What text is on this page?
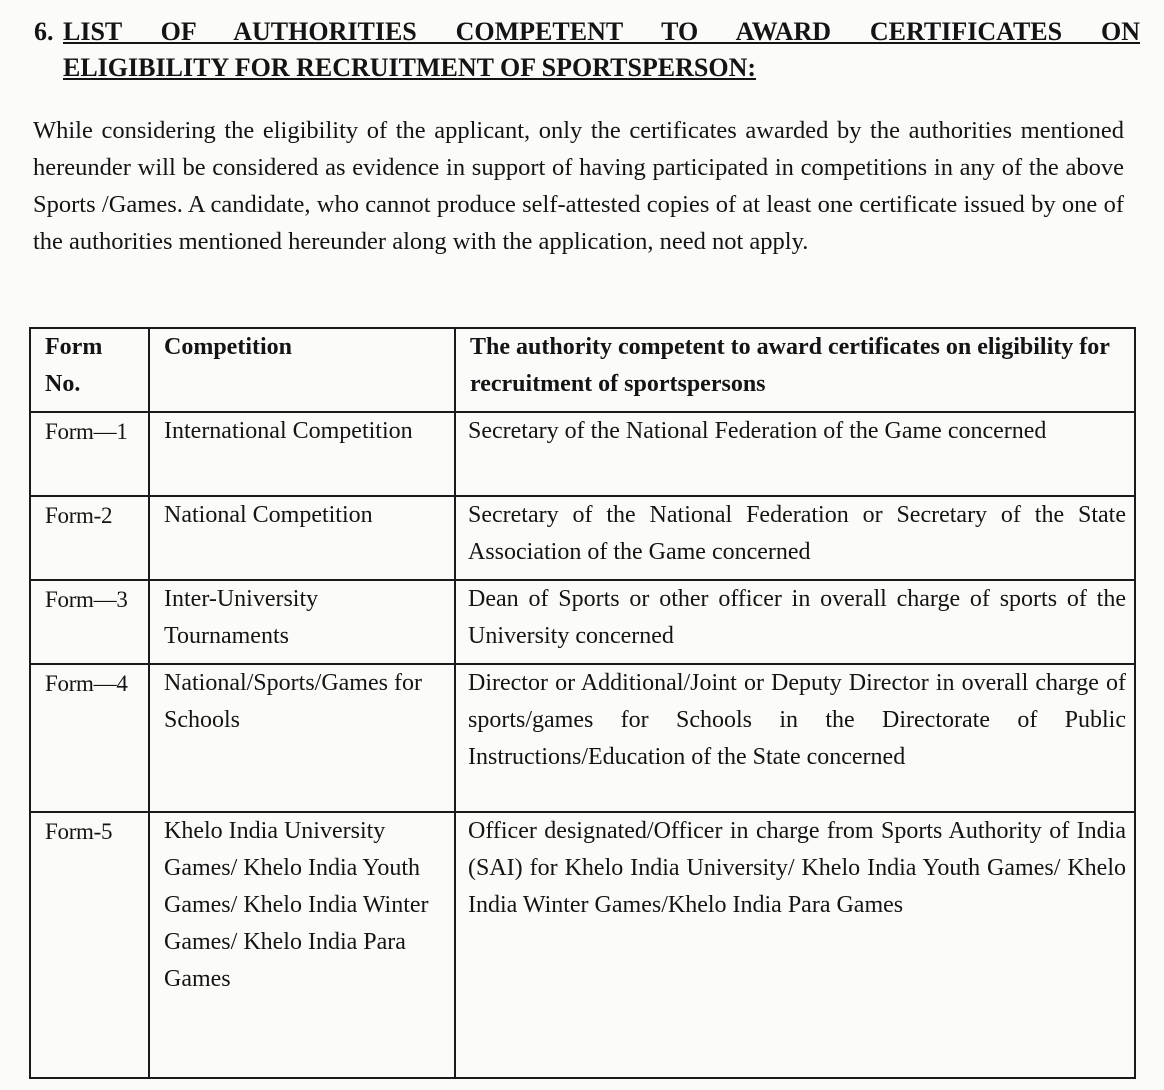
6. LIST OF AUTHORITIES COMPETENT TO AWARD CERTIFICATES ON
ELIGIBILITY FOR RECRUITMENT OF SPORTSPERSON:

While considering the eligibility of the applicant, only the certificates awarded by the authorities mentioned hereunder will be considered as evidence in support of having participated in competitions in any of the above Sports /Games. A candidate, who cannot produce self-attested copies of at least one certificate issued by one of the authorities mentioned hereunder along with the application, need not apply.

Form No.	Competition	The authority competent to award certificates on eligibility for recruitment of sportspersons
Form—1	International Competition	Secretary of the National Federation of the Game concerned
Form-2	National Competition	Secretary of the National Federation or Secretary of the State Association of the Game concerned
Form—3	Inter-University Tournaments	Dean of Sports or other officer in overall charge of sports of the University concerned
Form—4	National/Sports/Games for Schools	Director or Additional/Joint or Deputy Director in overall charge of sports/games for Schools in the Directorate of Public Instructions/Education of the State concerned
Form-5	Khelo India University Games/ Khelo India Youth Games/ Khelo India Winter Games/ Khelo India Para Games	Officer designated/Officer in charge from Sports Authority of India (SAI) for Khelo India University/ Khelo India Youth Games/ Khelo India Winter Games/Khelo India Para Games
